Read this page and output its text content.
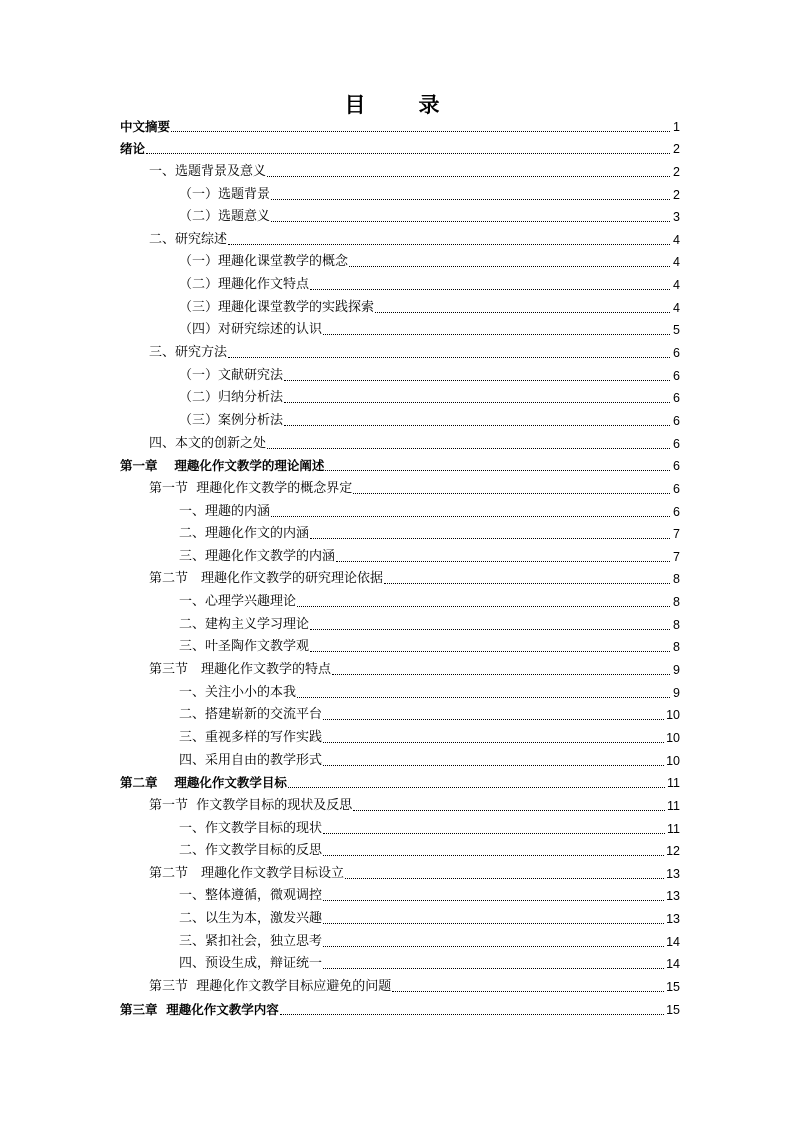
目　录
中文摘要	1
绪论	2
一、选题背景及意义	2
（一）选题背景	2
（二）选题意义	3
二、研究综述	4
（一）理趣化课堂教学的概念	4
（二）理趣化作文特点	4
（三）理趣化课堂教学的实践探索	4
（四）对研究综述的认识	5
三、研究方法	6
（一）文献研究法	6
（二）归纳分析法	6
（三）案例分析法	6
四、本文的创新之处	6
第一章　 理趣化作文教学的理论阐述	6
第一节  理趣化作文教学的概念界定	6
一、理趣的内涵	6
二、理趣化作文的内涵	7
三、理趣化作文教学的内涵	7
第二节　理趣化作文教学的研究理论依据	8
一、心理学兴趣理论	8
二、建构主义学习理论	8
三、叶圣陶作文教学观	8
第三节　理趣化作文教学的特点	9
一、关注小小的本我	9
二、搭建崭新的交流平台	10
三、重视多样的写作实践	10
四、采用自由的教学形式	10
第二章　 理趣化作文教学目标	11
第一节  作文教学目标的现状及反思	11
一、作文教学目标的现状	11
二、作文教学目标的反思	12
第二节　理趣化作文教学目标设立	13
一、整体遵循，微观调控	13
二、以生为本，激发兴趣	13
三、紧扣社会，独立思考	14
四、预设生成，辩证统一	14
第三节  理趣化作文教学目标应避免的问题	15
第三章  理趣化作文教学内容	15
